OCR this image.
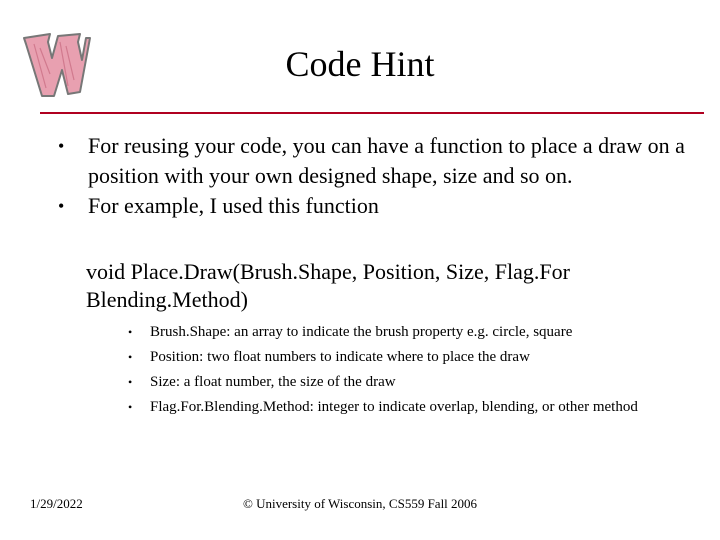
Code Hint
• For reusing your code, you can have a function to place a draw on a position with your own designed shape, size and so on.
• For example, I used this function
void Place.Draw(Brush.Shape, Position, Size, Flag.For Blending.Method)
• Brush.Shape: an array to indicate the brush property e.g. circle, square
• Position: two float numbers to indicate where to place the draw
• Size: a float number, the size of the draw
• Flag.For.Blending.Method: integer to indicate overlap, blending, or other method
1/29/2022	© University of Wisconsin, CS559 Fall 2006
